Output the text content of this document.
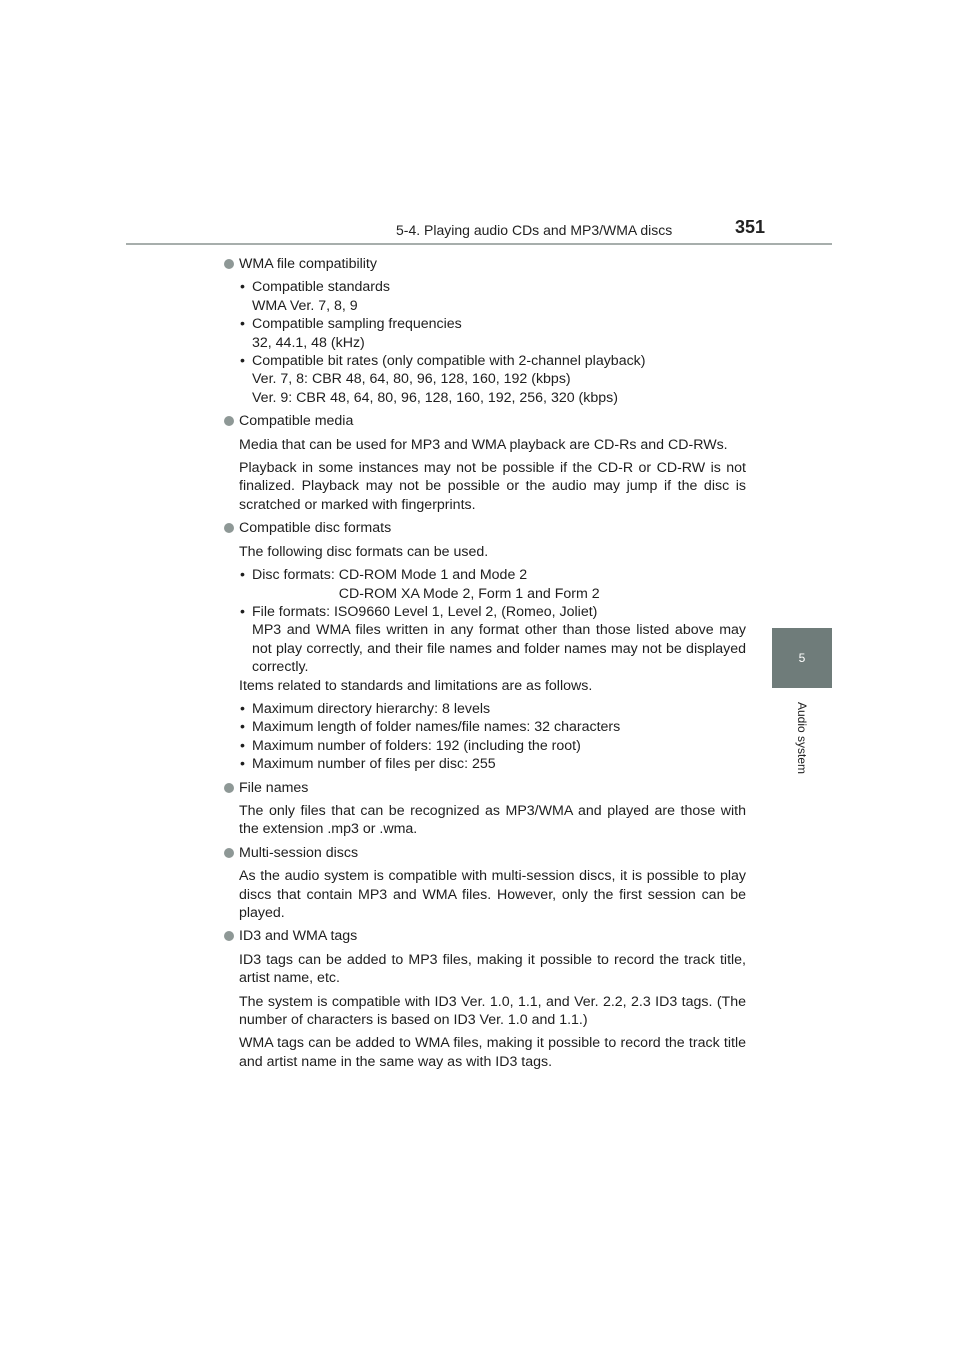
5-4. Playing audio CDs and MP3/WMA discs	351
5
Audio system
WMA file compatibility
• Compatible standards
WMA Ver. 7, 8, 9
• Compatible sampling frequencies
32, 44.1, 48 (kHz)
• Compatible bit rates (only compatible with 2-channel playback)
Ver. 7, 8: CBR 48, 64, 80, 96, 128, 160, 192 (kbps)
Ver. 9: CBR 48, 64, 80, 96, 128, 160, 192, 256, 320 (kbps)
Compatible media
Media that can be used for MP3 and WMA playback are CD-Rs and CD-RWs.
Playback in some instances may not be possible if the CD-R or CD-RW is not finalized. Playback may not be possible or the audio may jump if the disc is scratched or marked with fingerprints.
Compatible disc formats
The following disc formats can be used.
• Disc formats: CD-ROM Mode 1 and Mode 2
CD-ROM XA Mode 2, Form 1 and Form 2
• File formats: ISO9660 Level 1, Level 2, (Romeo, Joliet)
MP3 and WMA files written in any format other than those listed above may not play correctly, and their file names and folder names may not be displayed correctly.
Items related to standards and limitations are as follows.
• Maximum directory hierarchy: 8 levels
• Maximum length of folder names/file names: 32 characters
• Maximum number of folders: 192 (including the root)
• Maximum number of files per disc: 255
File names
The only files that can be recognized as MP3/WMA and played are those with the extension .mp3 or .wma.
Multi-session discs
As the audio system is compatible with multi-session discs, it is possible to play discs that contain MP3 and WMA files. However, only the first session can be played.
ID3 and WMA tags
ID3 tags can be added to MP3 files, making it possible to record the track title, artist name, etc.
The system is compatible with ID3 Ver. 1.0, 1.1, and Ver. 2.2, 2.3 ID3 tags. (The number of characters is based on ID3 Ver. 1.0 and 1.1.)
WMA tags can be added to WMA files, making it possible to record the track title and artist name in the same way as with ID3 tags.
